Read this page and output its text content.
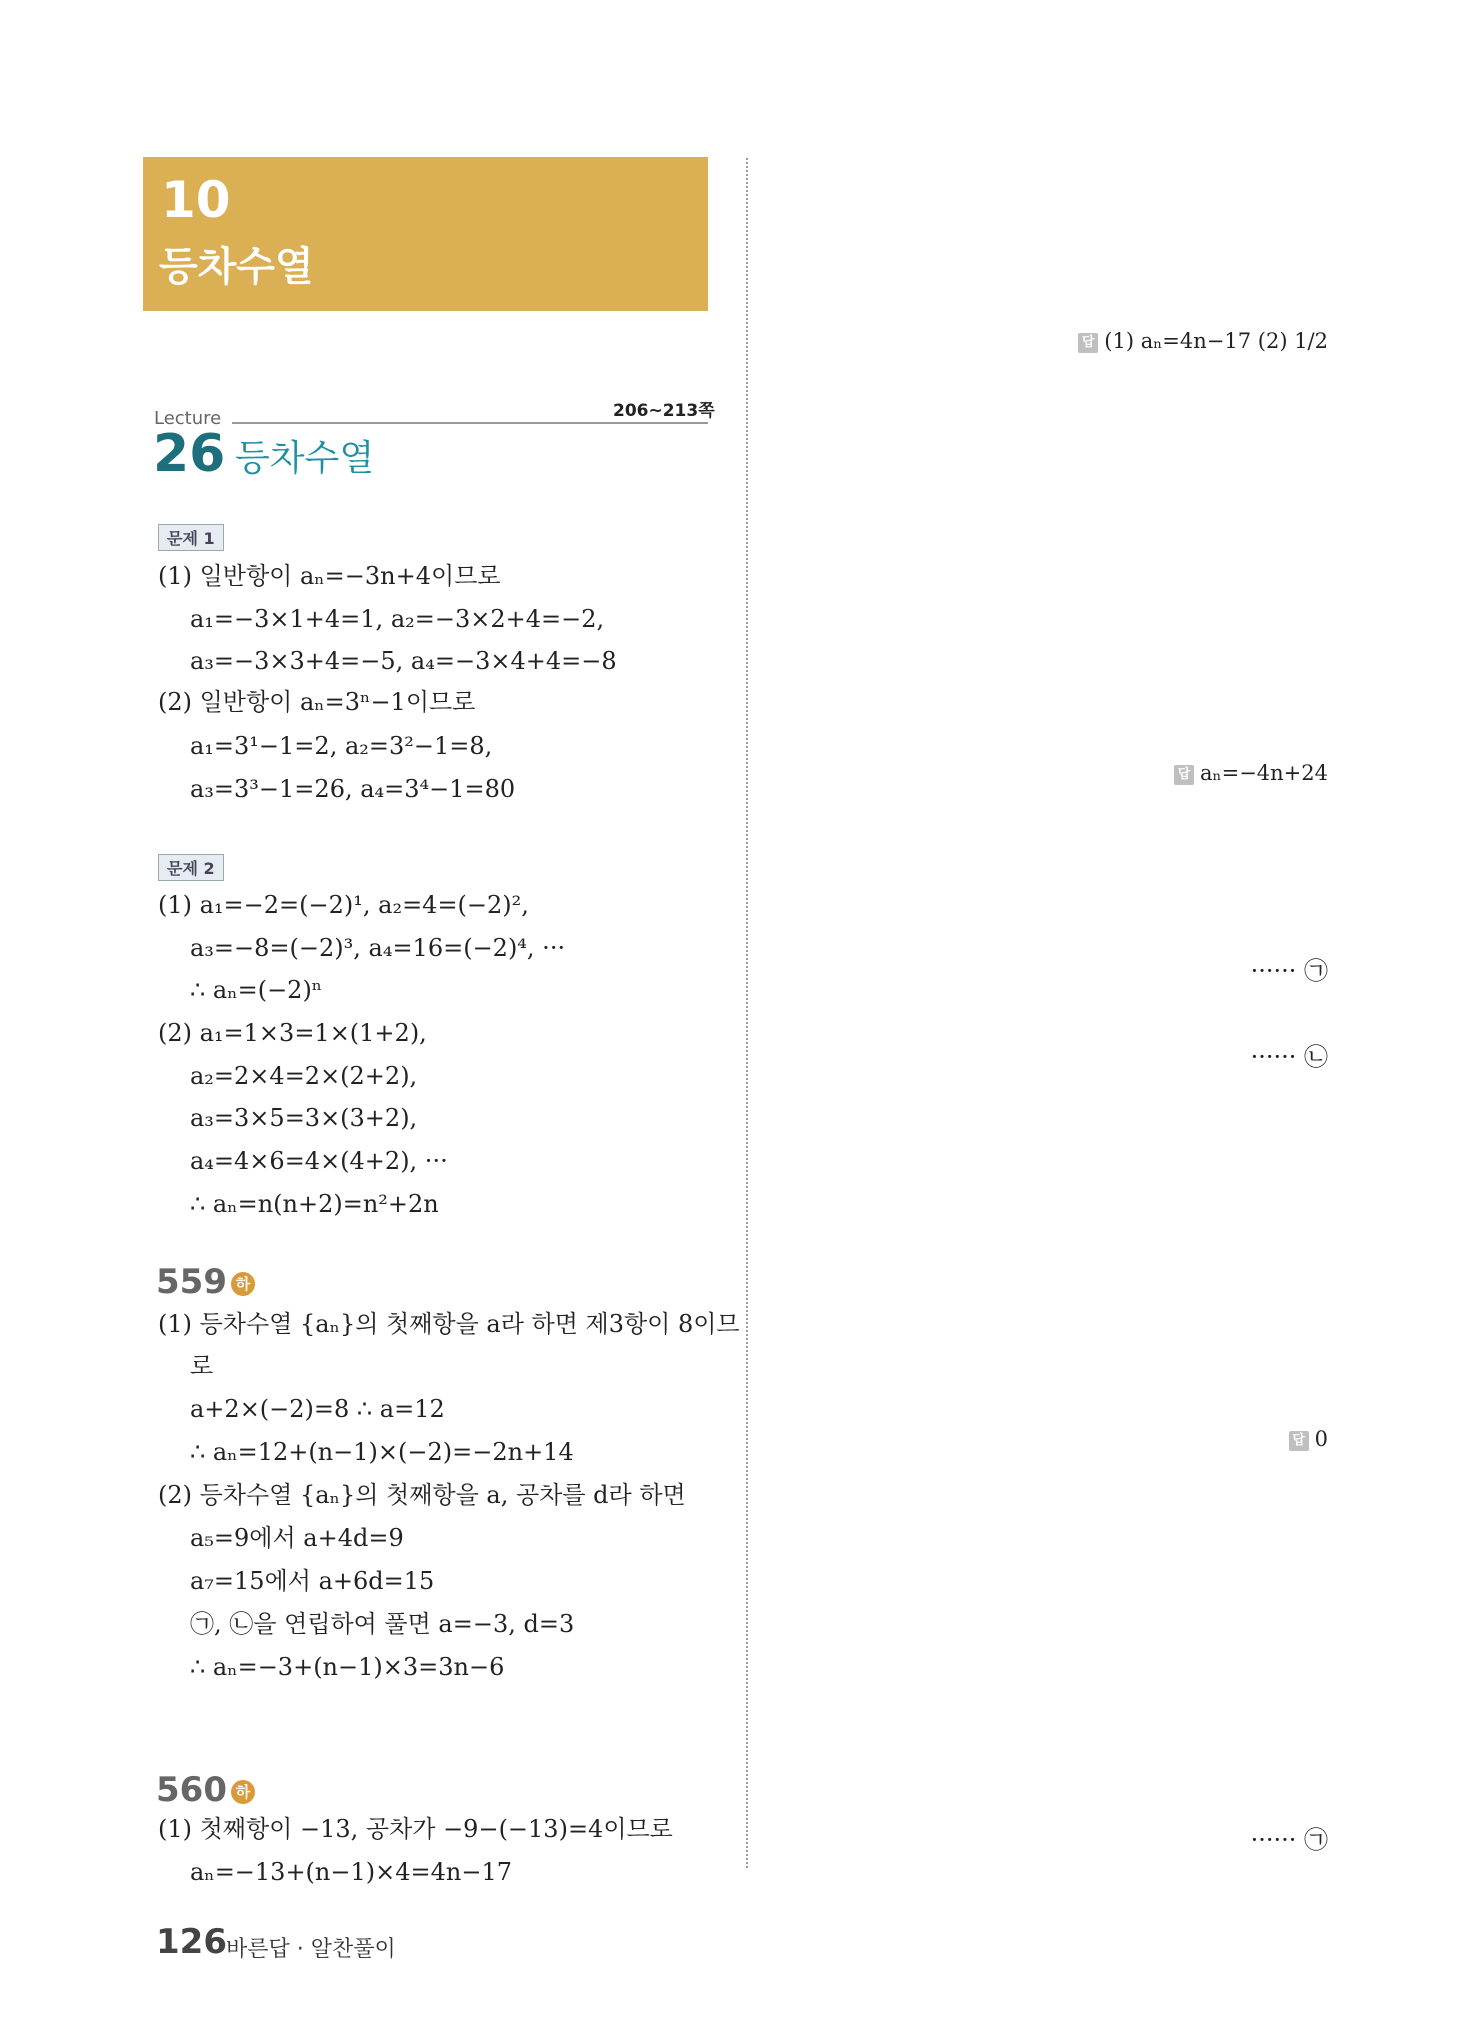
10
등차수열
Lecture	206~213쪽
26 등차수열
문제 1
(1) 일반항이 aₙ=−3n+4이므로
a₁=−3×1+4=1, a₂=−3×2+4=−2,
a₃=−3×3+4=−5, a₄=−3×4+4=−8
(2) 일반항이 aₙ=3ⁿ−1이므로
a₁=3¹−1=2, a₂=3²−1=8,
a₃=3³−1=26, a₄=3⁴−1=80
문제 2
(1) a₁=−2=(−2)¹, a₂=4=(−2)²,
a₃=−8=(−2)³, a₄=16=(−2)⁴, ···
∴ aₙ=(−2)ⁿ
(2) a₁=1×3=1×(1+2),
a₂=2×4=2×(2+2),
a₃=3×5=3×(3+2),
a₄=4×6=4×(4+2), ···
∴ aₙ=n(n+2)=n²+2n
559 하
(1) 등차수열 {aₙ}의 첫째항을 a라 하면 제3항이 8이므
로
a+2×(−2)=8 ∴ a=12
∴ aₙ=12+(n−1)×(−2)=−2n+14
(2) 등차수열 {aₙ}의 첫째항을 a, 공차를 d라 하면
a₅=9에서 a+4d=9
a₇=15에서 a+6d=15
㉠, ㉡을 연립하여 풀면 a=−3, d=3
∴ aₙ=−3+(n−1)×3=3n−6
560 하
(1) 첫째항이 −13, 공차가 −9−(−13)=4이므로
aₙ=−13+(n−1)×4=4n−17
답 (1) aₙ=4n−17 (2) 1/2
답 aₙ=−4n+24
······ ㉠
······ ㉡
답 0
······ ㉠
126 바른답 · 알찬풀이
